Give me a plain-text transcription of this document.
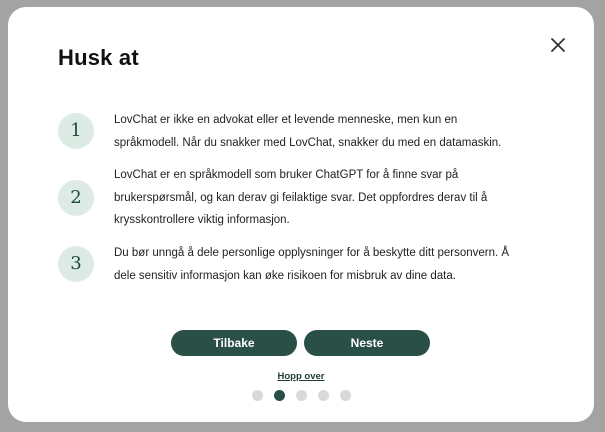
Husk at
1	LovChat er ikke en advokat eller et levende menneske, men kun en språkmodell. Når du snakker med LovChat, snakker du med en datamaskin.

2

LovChat er en språkmodell som bruker ChatGPT for å finne svar på brukerspørsmål, og kan derav gi feilaktige svar. Det oppfordres derav til å krysskontrollere viktig informasjon.

3	Du bør unngå å dele personlige opplysninger for å beskytte ditt personvern. Å dele sensitiv informasjon kan øke risikoen for misbruk av dine data.

Tilbake	Neste
Hopp over
